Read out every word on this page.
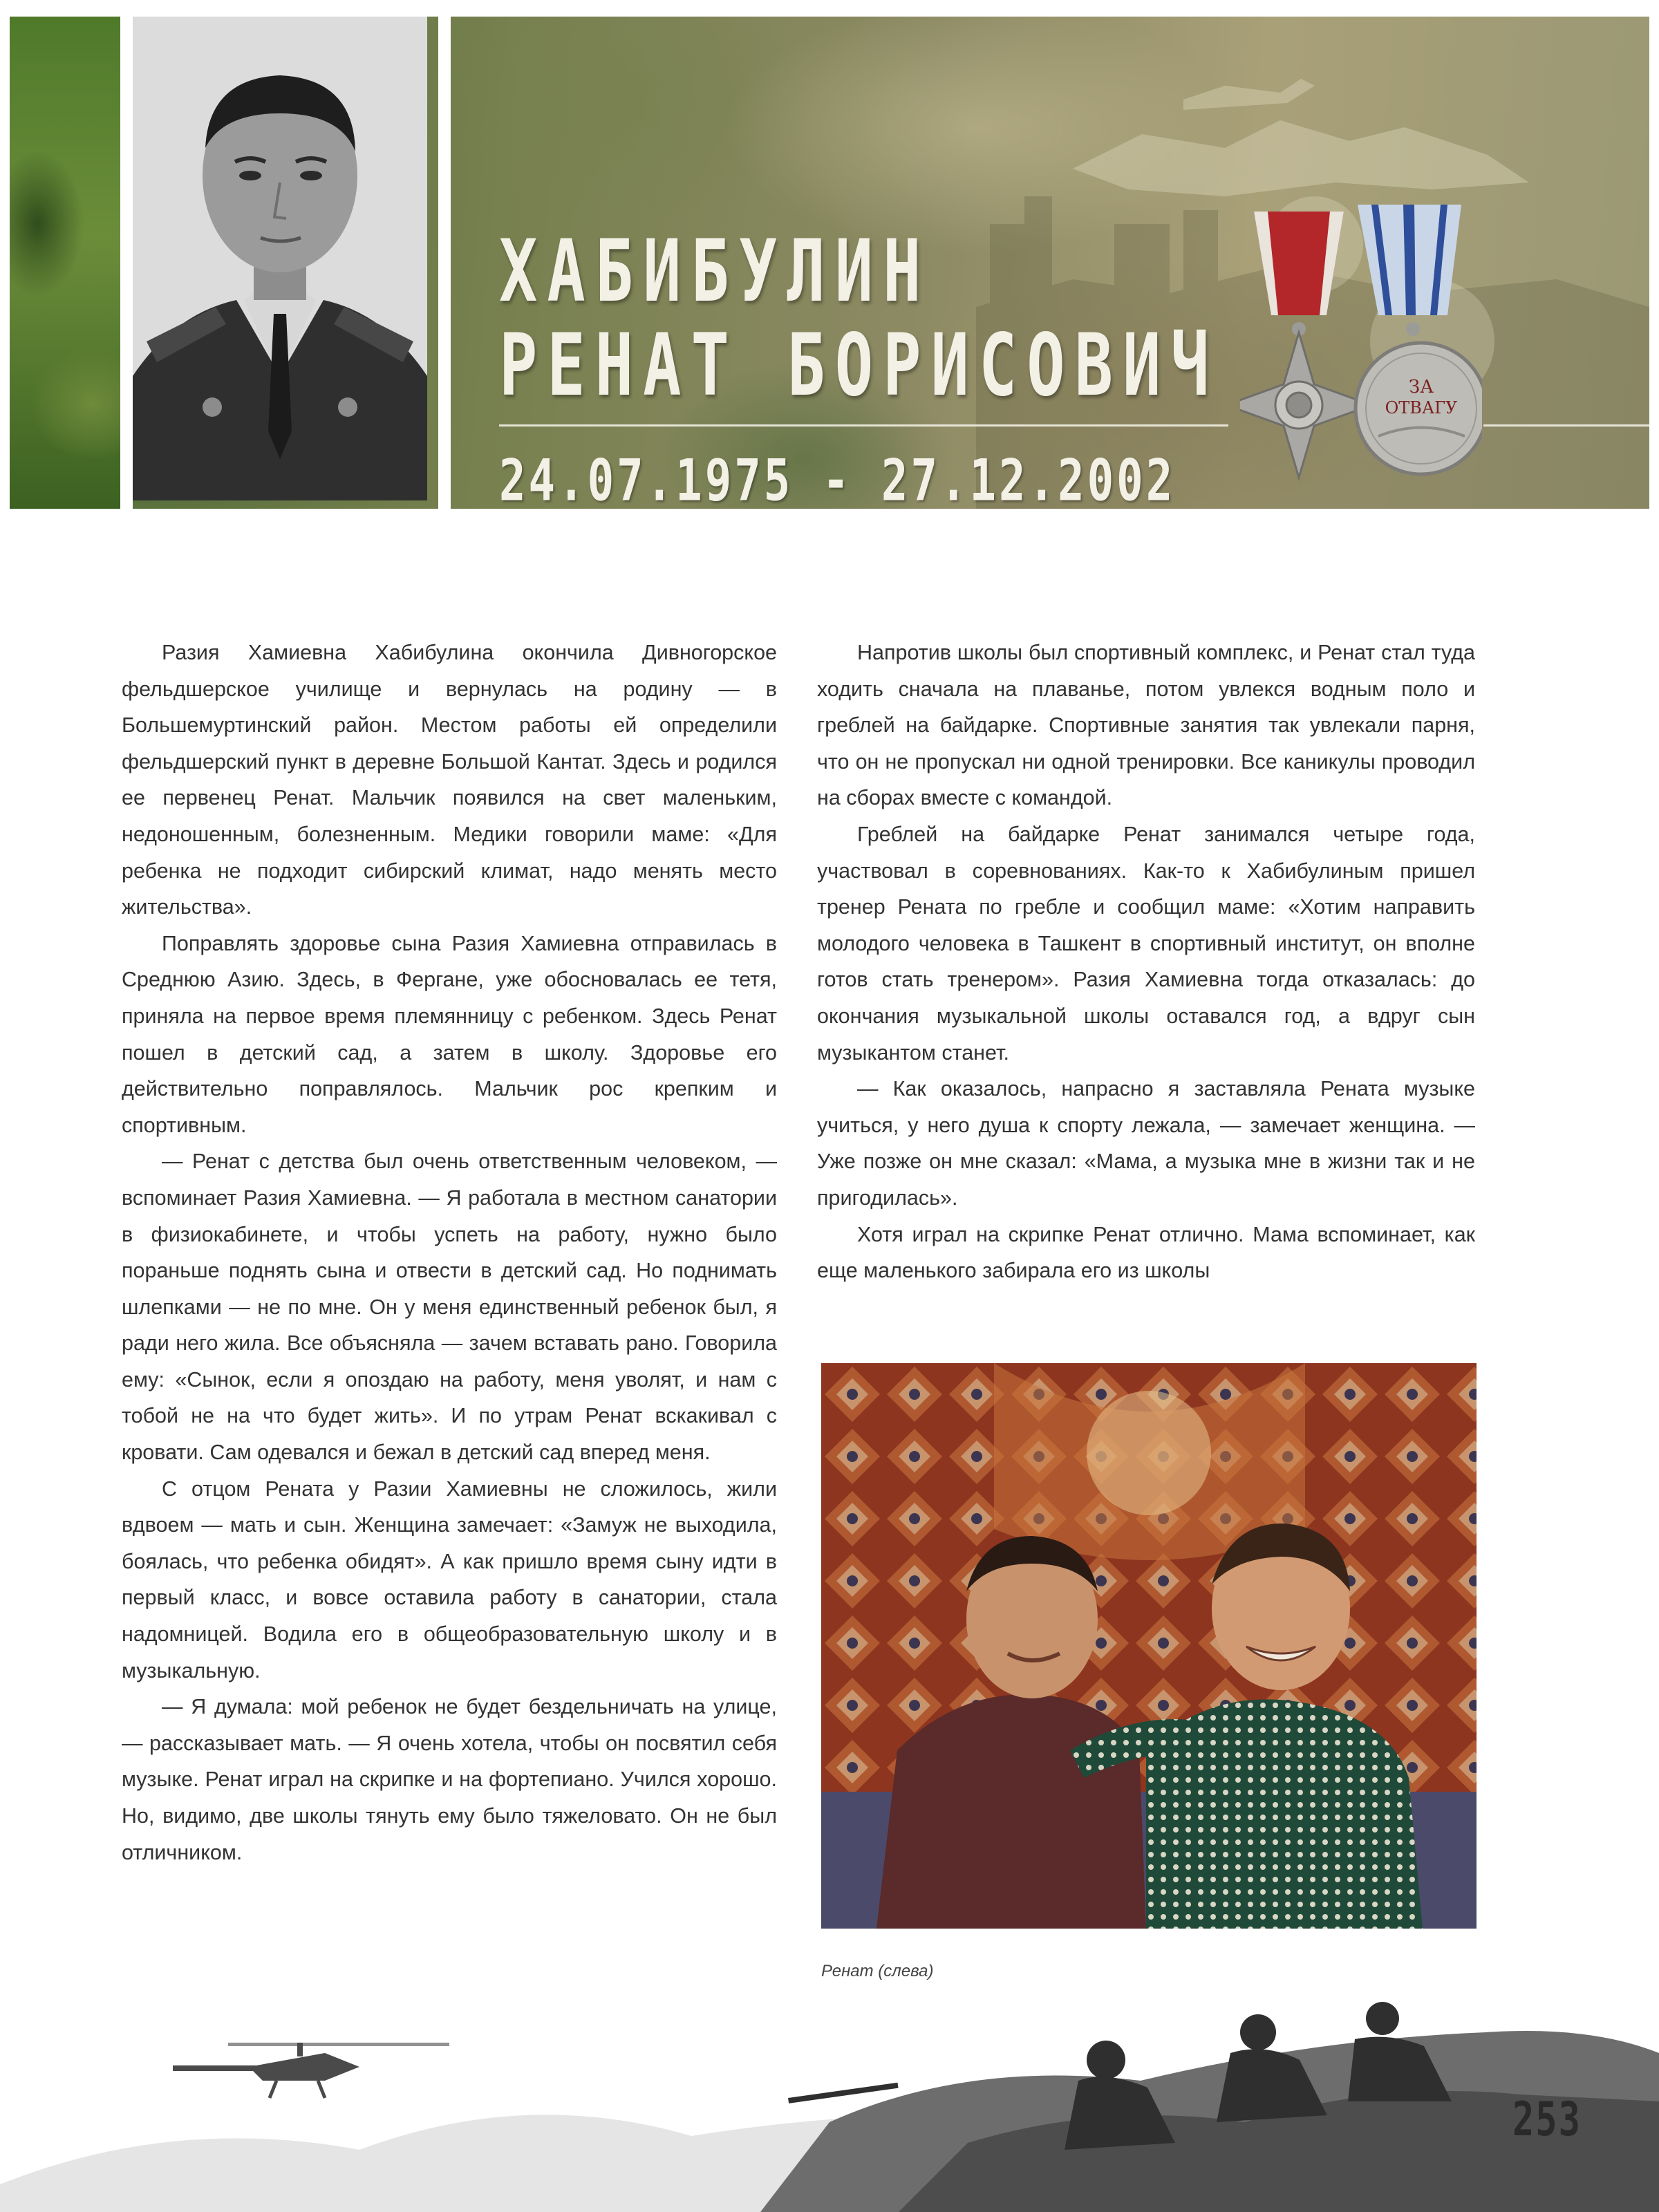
ХАБИБУЛИН
РЕНАТ БОРИСОВИЧ
24.07.1975 - 27.12.2002
ЗА
ОТВАГУ

Разия Хамиевна Хабибулина окончила Дивногорское фельдшерское училище и вернулась на родину — в Большемуртинский район. Местом работы ей определили фельдшерский пункт в деревне Большой Кантат. Здесь и родился ее первенец Ренат. Мальчик появился на свет маленьким, недоношенным, болезненным. Медики говорили маме: «Для ребенка не подходит сибирский климат, надо менять место жительства».

Поправлять здоровье сына Разия Хамиевна отправилась в Среднюю Азию. Здесь, в Фергане, уже обосновалась ее тетя, приняла на первое время племянницу с ребенком. Здесь Ренат пошел в детский сад, а затем в школу. Здоровье его действительно поправлялось. Мальчик рос крепким и спортивным.

— Ренат с детства был очень ответственным человеком, — вспоминает Разия Хамиевна. — Я работала в местном санатории в физиокабинете, и чтобы успеть на работу, нужно было пораньше поднять сына и отвести в детский сад. Но поднимать шлепками — не по мне. Он у меня единственный ребенок был, я ради него жила. Все объясняла — зачем вставать рано. Говорила ему: «Сынок, если я опоздаю на работу, меня уволят, и нам с тобой не на что будет жить». И по утрам Ренат вскакивал с кровати. Сам одевался и бежал в детский сад вперед меня.

С отцом Рената у Разии Хамиевны не сложилось, жили вдвоем — мать и сын. Женщина замечает: «Замуж не выходила, боялась, что ребенка обидят». А как пришло время сыну идти в первый класс, и вовсе оставила работу в санатории, стала надомницей. Водила его в общеобразовательную школу и в музыкальную.

— Я думала: мой ребенок не будет бездельничать на улице, — рассказывает мать. — Я очень хотела, чтобы он посвятил себя музыке. Ренат играл на скрипке и на фортепиано. Учился хорошо. Но, видимо, две школы тянуть ему было тяжеловато. Он не был отличником.

Напротив школы был спортивный комплекс, и Ренат стал туда ходить сначала на плаванье, потом увлекся водным поло и греблей на байдарке. Спортивные занятия так увлекали парня, что он не пропускал ни одной тренировки. Все каникулы проводил на сборах вместе с командой.

Греблей на байдарке Ренат занимался четыре года, участвовал в соревнованиях. Как-то к Хабибулиным пришел тренер Рената по гребле и сообщил маме: «Хотим направить молодого человека в Ташкент в спортивный институт, он вполне готов стать тренером». Разия Хамиевна тогда отказалась: до окончания музыкальной школы оставался год, а вдруг сын музыкантом станет.

— Как оказалось, напрасно я заставляла Рената музыке учиться, у него душа к спорту лежала, — замечает женщина. — Уже позже он мне сказал: «Мама, а музыка мне в жизни так и не пригодилась».

Хотя играл на скрипке Ренат отлично. Мама вспоминает, как еще маленького забирала его из школы

Ренат (слева)
253
